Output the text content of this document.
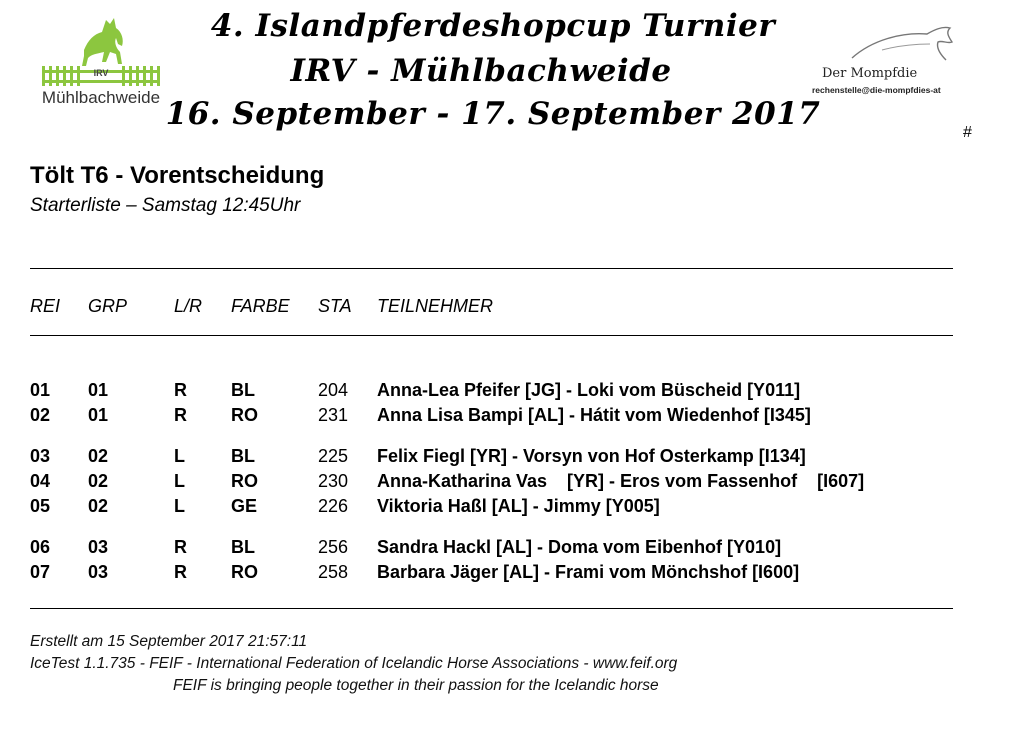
IRV
Mühlbachweide
4. Islandpferdeshopcup Turnier
IRV - Mühlbachweide
16. September - 17. September 2017
Der Mompfdie
rechenstelle@die-mompfdies-at
#
Tölt T6 - Vorentscheidung
Starterliste – Samstag 12:45Uhr
REI GRP	L/R FARBE STA TEILNEHMER
01 01	R BL	204 Anna-Lea Pfeifer [JG] - Loki vom Büscheid [Y011]
02 01	R RO	231 Anna Lisa Bampi [AL] - Hátit vom Wiedenhof [I345]
03 02	L	BL	225 Felix Fiegl [YR] - Vorsyn von Hof Osterkamp [I134]
04 02	L	RO	230 Anna-Katharina Vas    [YR] - Eros vom Fassenhof    [I607]
05 02	L	GE	226 Viktoria Haßl [AL] - Jimmy [Y005]
06 03	R BL	256 Sandra Hackl [AL] - Doma vom Eibenhof [Y010]
07 03	R RO	258 Barbara Jäger [AL] - Frami vom Mönchshof [I600]
Erstellt am 15 September 2017 21:57:11
IceTest 1.1.735 - FEIF - International Federation of Icelandic Horse Associations - www.feif.org
FEIF is bringing people together in their passion for the Icelandic horse
